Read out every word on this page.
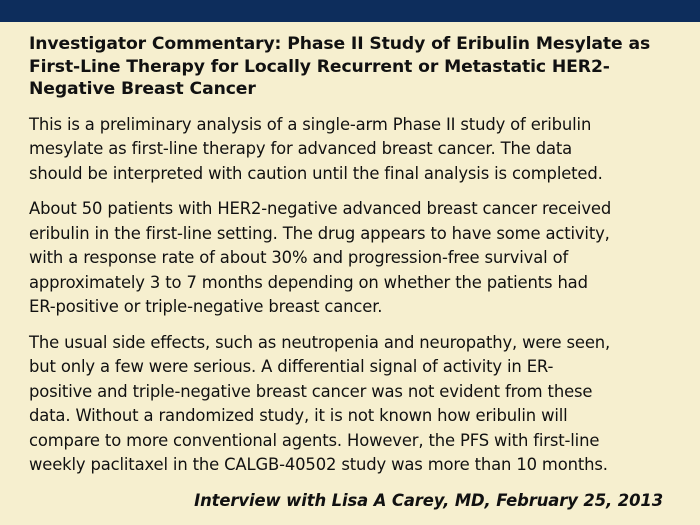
Investigator Commentary: Phase II Study of Eribulin Mesylate as
First-Line Therapy for Locally Recurrent or Metastatic HER2-
Negative Breast Cancer
This is a preliminary analysis of a single-arm Phase II study of eribulin
mesylate as first-line therapy for advanced breast cancer. The data
should be interpreted with caution until the final analysis is completed.
About 50 patients with HER2-negative advanced breast cancer received
eribulin in the first-line setting. The drug appears to have some activity,
with a response rate of about 30% and progression-free survival of
approximately 3 to 7 months depending on whether the patients had
ER-positive or triple-negative breast cancer.
The usual side effects, such as neutropenia and neuropathy, were seen,
but only a few were serious. A differential signal of activity in ER-
positive and triple-negative breast cancer was not evident from these
data. Without a randomized study, it is not known how eribulin will
compare to more conventional agents. However, the PFS with first-line
weekly paclitaxel in the CALGB-40502 study was more than 10 months.
Interview with Lisa A Carey, MD, February 25, 2013
